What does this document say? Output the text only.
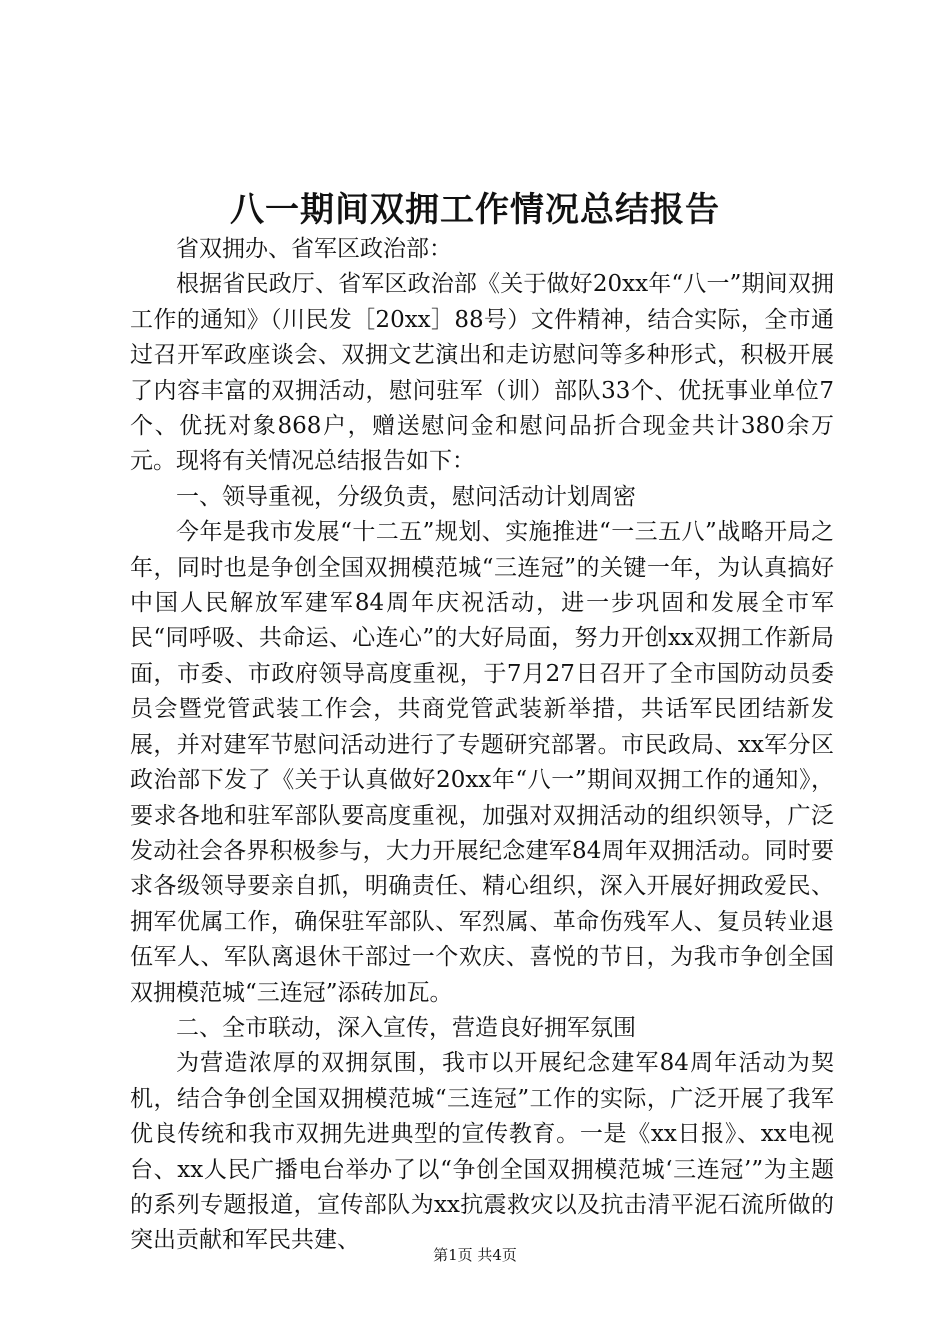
八一期间双拥工作情况总结报告

省双拥办、省军区政治部：

根据省民政厅、省军区政治部《关于做好20xx年“八一”期间双拥工作的通知》（川民发［20xx］88号）文件精神，结合实际，全市通过召开军政座谈会、双拥文艺演出和走访慰问等多种形式，积极开展了内容丰富的双拥活动，慰问驻军（训）部队33个、优抚事业单位7个、优抚对象868户，赠送慰问金和慰问品折合现金共计380余万元。现将有关情况总结报告如下：

一、领导重视，分级负责，慰问活动计划周密

今年是我市发展“十二五”规划、实施推进“一三五八”战略开局之年，同时也是争创全国双拥模范城“三连冠”的关键一年，为认真搞好中国人民解放军建军84周年庆祝活动，进一步巩固和发展全市军民“同呼吸、共命运、心连心”的大好局面，努力开创xx双拥工作新局面，市委、市政府领导高度重视，于7月27日召开了全市国防动员委员会暨党管武装工作会，共商党管武装新举措，共话军民团结新发展，并对建军节慰问活动进行了专题研究部署。市民政局、xx军分区政治部下发了《关于认真做好20xx年“八一”期间双拥工作的通知》，要求各地和驻军部队要高度重视，加强对双拥活动的组织领导，广泛发动社会各界积极参与，大力开展纪念建军84周年双拥活动。同时要求各级领导要亲自抓，明确责任、精心组织，深入开展好拥政爱民、拥军优属工作，确保驻军部队、军烈属、革命伤残军人、复员转业退伍军人、军队离退休干部过一个欢庆、喜悦的节日，为我市争创全国双拥模范城“三连冠”添砖加瓦。

二、全市联动，深入宣传，营造良好拥军氛围

为营造浓厚的双拥氛围，我市以开展纪念建军84周年活动为契机，结合争创全国双拥模范城“三连冠”工作的实际，广泛开展了我军优良传统和我市双拥先进典型的宣传教育。一是《xx日报》、xx电视台、xx人民广播电台举办了以“争创全国双拥模范城‘三连冠’”为主题的系列专题报道，宣传部队为xx抗震救灾以及抗击清平泥石流所做的突出贡献和军民共建、

第1页 共4页
